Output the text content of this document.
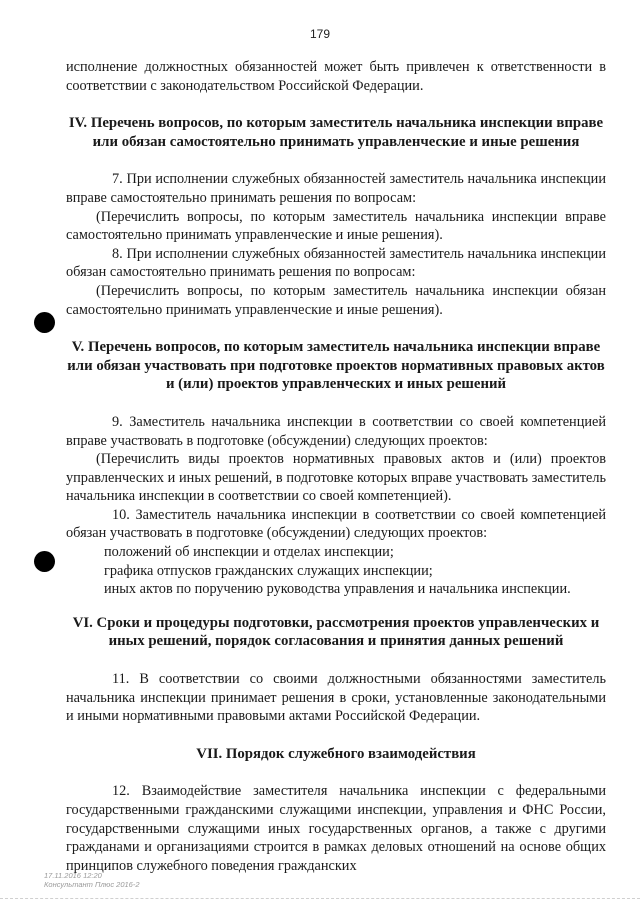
179

исполнение должностных обязанностей может быть привлечен к ответственности в соответствии с законодательством Российской Федерации.

IV. Перечень вопросов, по которым заместитель начальника инспекции вправе или обязан самостоятельно принимать управленческие и иные решения

7. При исполнении служебных обязанностей заместитель начальника инспекции вправе самостоятельно принимать решения по вопросам:

(Перечислить вопросы, по которым заместитель начальника инспекции вправе самостоятельно принимать управленческие и иные решения).

8. При исполнении служебных обязанностей заместитель начальника инспекции обязан самостоятельно принимать решения по вопросам:

(Перечислить вопросы, по которым заместитель начальника инспекции обязан самостоятельно принимать управленческие и иные решения).

V. Перечень вопросов, по которым заместитель начальника инспекции вправе или обязан участвовать при подготовке проектов нормативных правовых актов и (или) проектов управленческих и иных решений

9. Заместитель начальника инспекции в соответствии со своей компетенцией вправе участвовать в подготовке (обсуждении) следующих проектов:

(Перечислить виды проектов нормативных правовых актов и (или) проектов управленческих и иных решений, в подготовке которых вправе участвовать заместитель начальника инспекции в соответствии со своей компетенцией).

10. Заместитель начальника инспекции в соответствии со своей компетенцией обязан участвовать в подготовке (обсуждении) следующих проектов:

положений об инспекции и отделах инспекции;

графика отпусков гражданских служащих инспекции;

иных актов по поручению руководства управления и начальника инспекции.

VI. Сроки и процедуры подготовки, рассмотрения проектов управленческих и иных решений, порядок согласования и принятия данных решений

11. В соответствии со своими должностными обязанностями заместитель начальника инспекции принимает решения в сроки, установленные законодательными и иными нормативными правовыми актами Российской Федерации.

VII. Порядок служебного взаимодействия

12. Взаимодействие заместителя начальника инспекции с федеральными государственными гражданскими служащими инспекции, управления и ФНС России, государственными служащими иных государственных органов, а также с другими гражданами и организациями строится в рамках деловых отношений на основе общих принципов служебного поведения гражданских

17.11.2016 12:20
Консультант Плюс 2016-2
